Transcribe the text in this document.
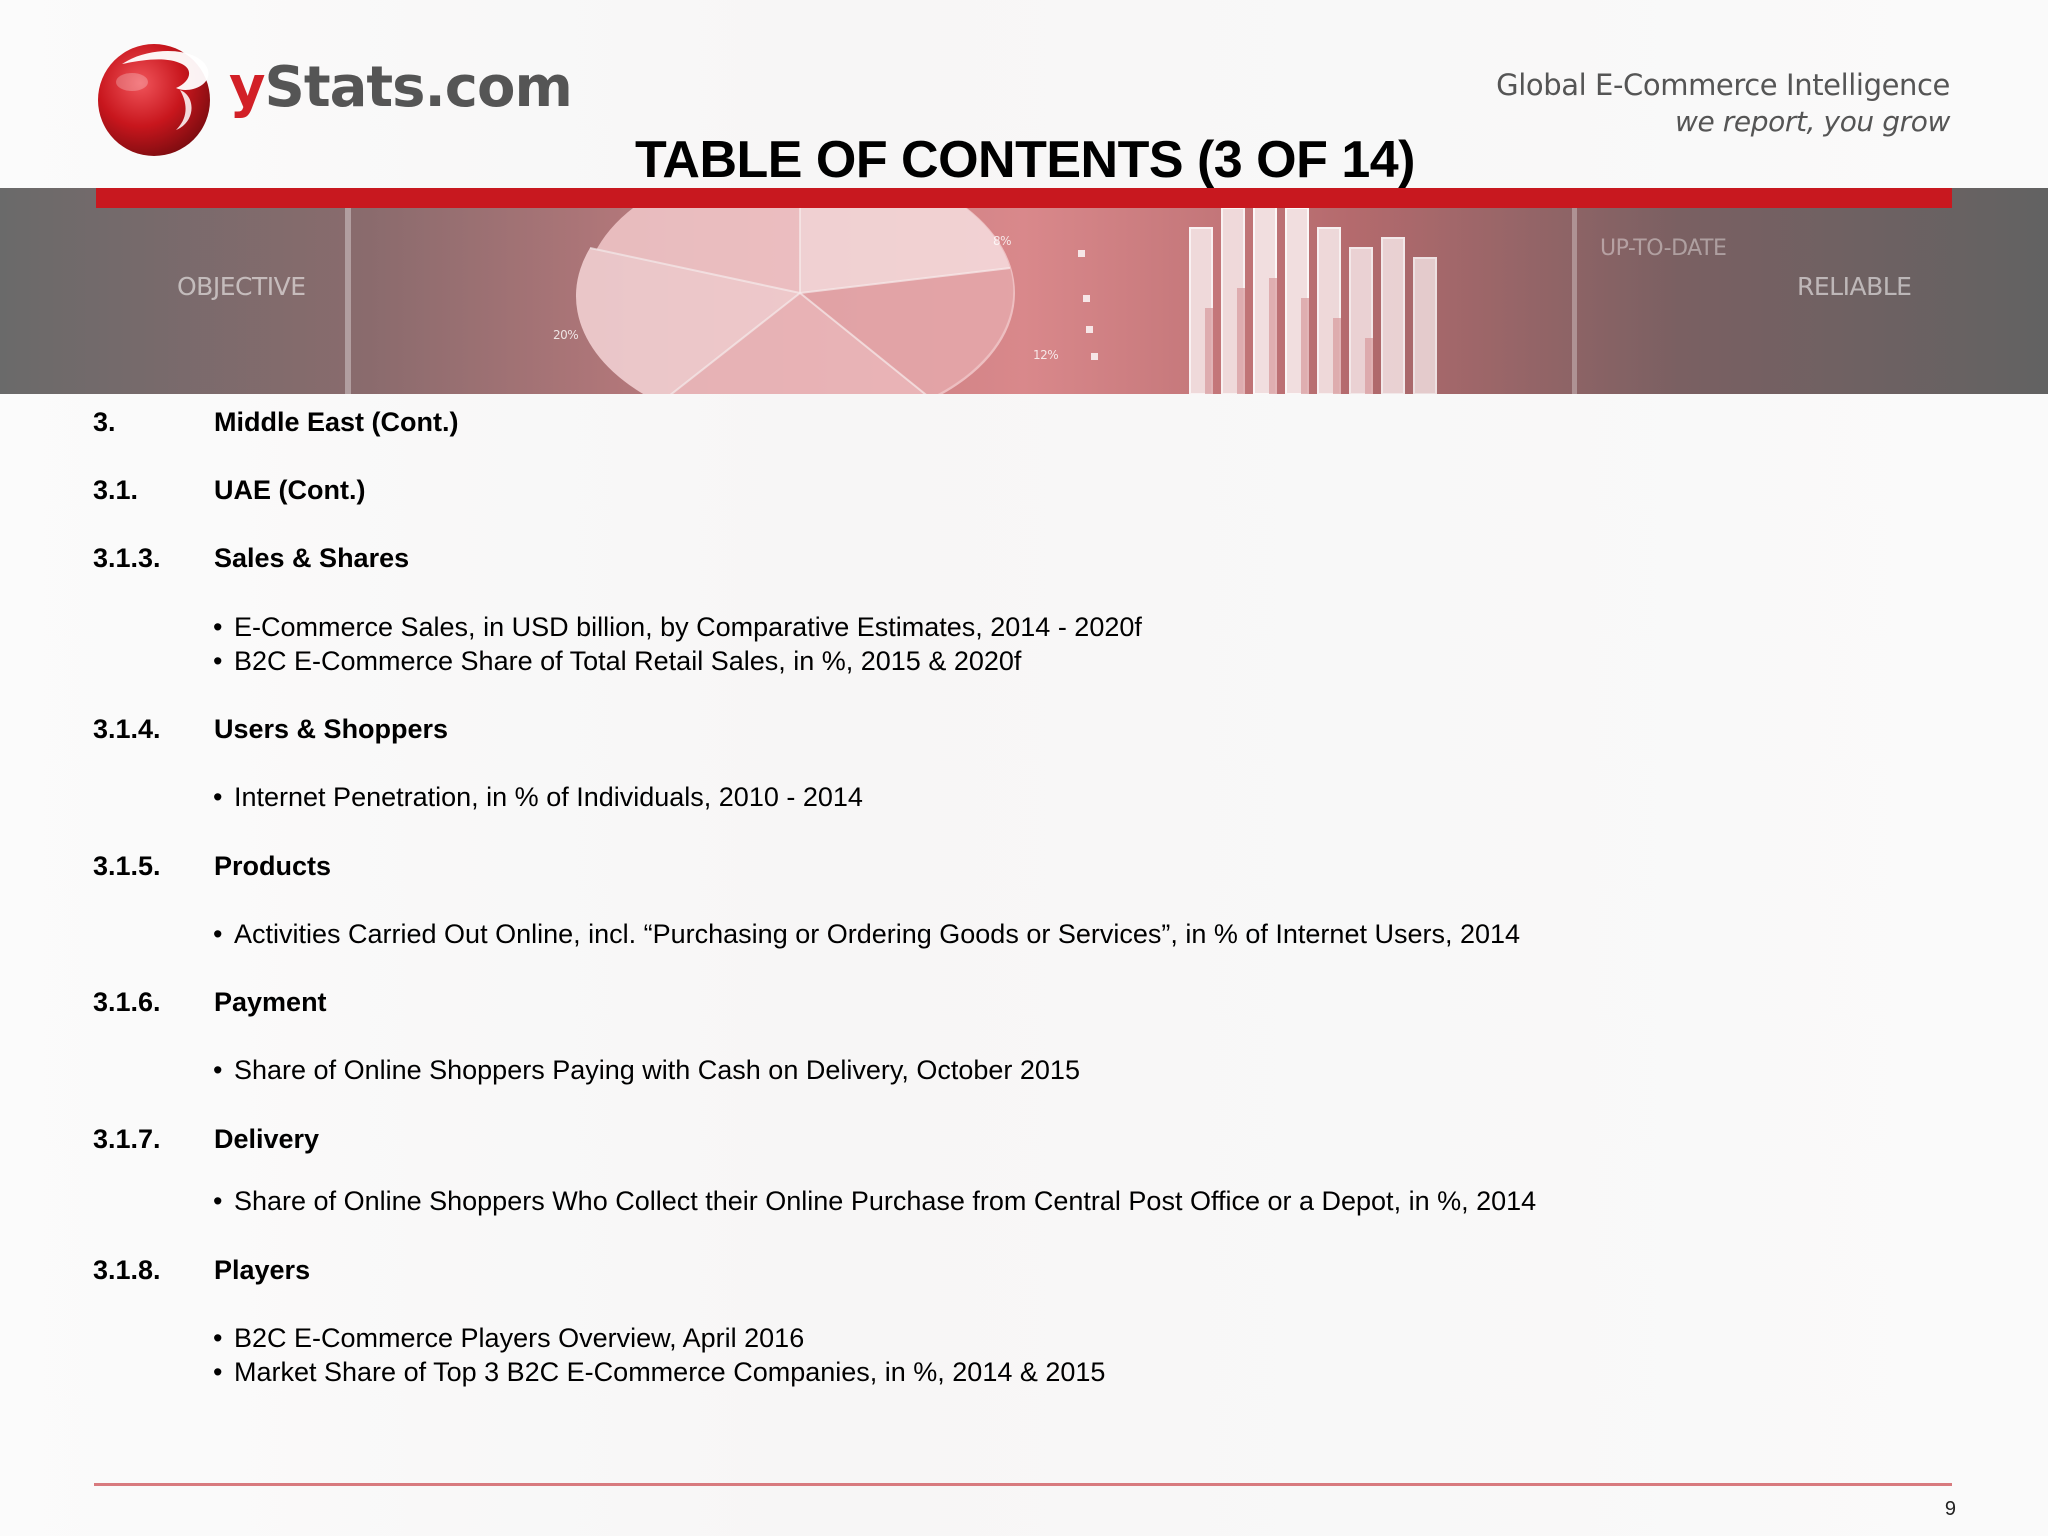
yStats.com	Global E-Commerce Intelligence
we report, you grow
OBJECTIVE
UP-TO-DATE
RELIABLE
20%
8%
12%
TABLE OF CONTENTS (3 OF 14)
3.	Middle East (Cont.)
3.1.	UAE (Cont.)
3.1.3. Sales & Shares
• E-Commerce Sales, in USD billion, by Comparative Estimates, 2014 - 2020f
• B2C E-Commerce Share of Total Retail Sales, in %, 2015 & 2020f
3.1.4. Users & Shoppers
• Internet Penetration, in % of Individuals, 2010 - 2014
3.1.5. Products
• Activities Carried Out Online, incl. “Purchasing or Ordering Goods or Services”, in % of Internet Users, 2014
3.1.6. Payment
• Share of Online Shoppers Paying with Cash on Delivery, October 2015
3.1.7. Delivery
• Share of Online Shoppers Who Collect their Online Purchase from Central Post Office or a Depot, in %, 2014
3.1.8. Players
• B2C E-Commerce Players Overview, April 2016
• Market Share of Top 3 B2C E-Commerce Companies, in %, 2014 & 2015
9
